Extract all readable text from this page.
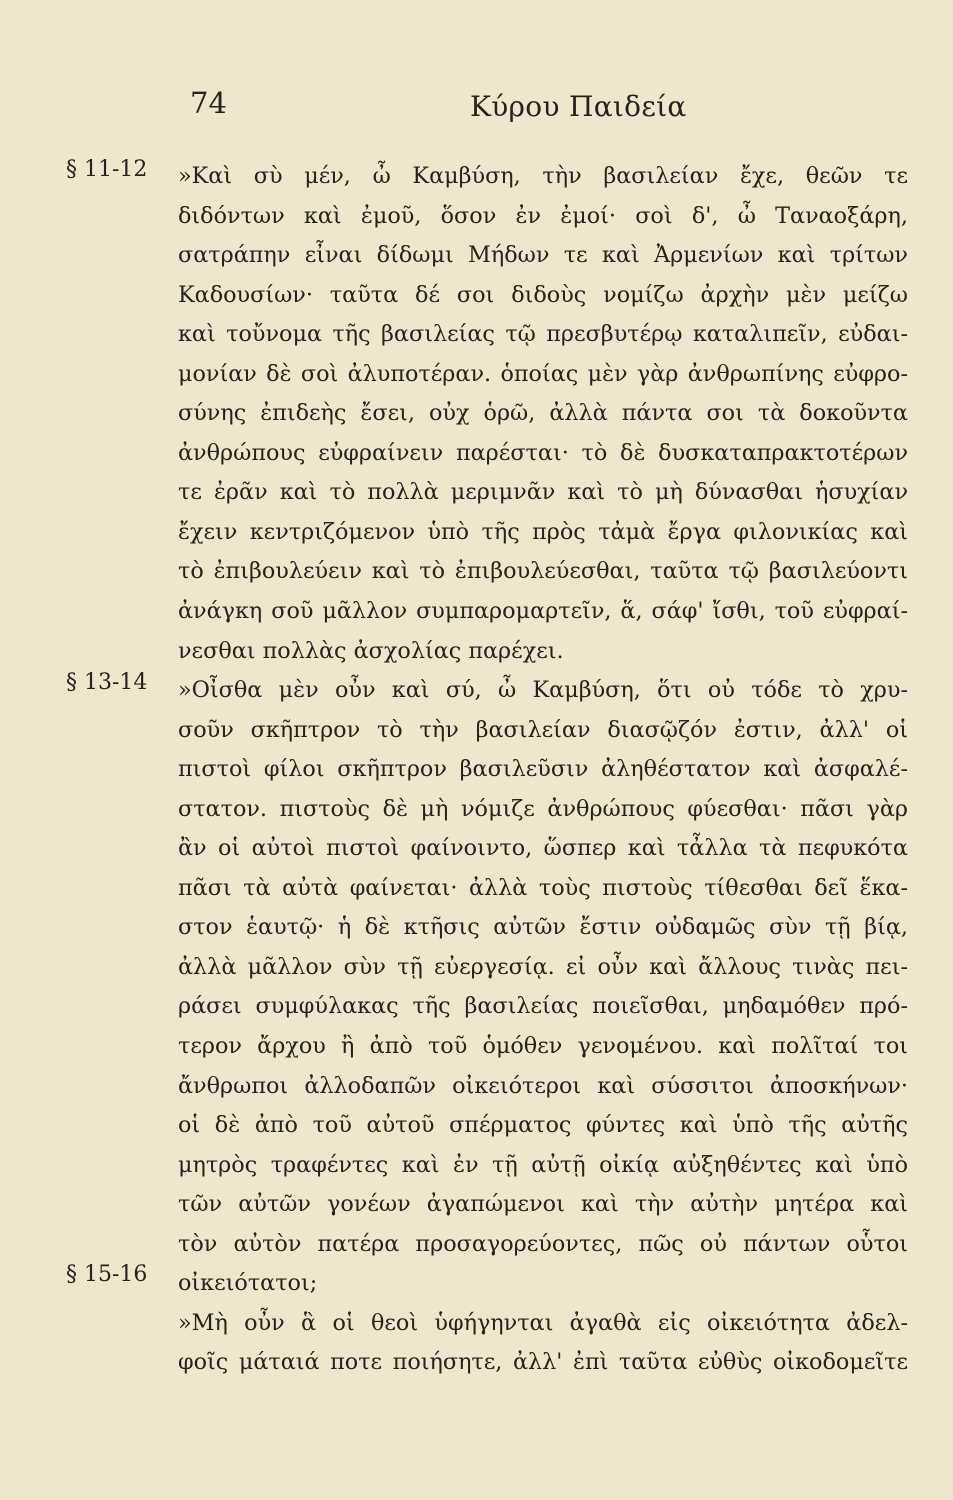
74	Κύρου Παιδεία
§ 11-12
§ 13-14
§ 15-16
»Καὶ σὺ μέν, ὦ Καμβύση, τὴν βασιλείαν ἔχε, θεῶν τε
διδόντων καὶ ἐμοῦ, ὅσον ἐν ἐμοί· σοὶ δ', ὦ Ταναοξάρη,
σατράπην εἶναι δίδωμι Μήδων τε καὶ Ἀρμενίων καὶ τρίτων
Καδουσίων· ταῦτα δέ σοι διδοὺς νομίζω ἀρχὴν μὲν μείζω
καὶ τοὔνομα τῆς βασιλείας τῷ πρεσβυτέρῳ καταλιπεῖν, εὐδαι-
μονίαν δὲ σοὶ ἀλυποτέραν. ὁποίας μὲν γὰρ ἀνθρωπίνης εὐφρο-
σύνης ἐπιδεὴς ἔσει, οὐχ ὁρῶ, ἀλλὰ πάντα σοι τὰ δοκοῦντα
ἀνθρώπους εὐφραίνειν παρέσται· τὸ δὲ δυσκαταπρακτοτέρων
τε ἐρᾶν καὶ τὸ πολλὰ μεριμνᾶν καὶ τὸ μὴ δύνασθαι ἡσυχίαν
ἔχειν κεντριζόμενον ὑπὸ τῆς πρὸς τἀμὰ ἔργα φιλονικίας καὶ
τὸ ἐπιβουλεύειν καὶ τὸ ἐπιβουλεύεσθαι, ταῦτα τῷ βασιλεύοντι
ἀνάγκη σοῦ μᾶλλον συμπαρομαρτεῖν, ἅ, σάφ' ἴσθι, τοῦ εὐφραί-
νεσθαι πολλὰς ἀσχολίας παρέχει.
»Οἶσθα μὲν οὖν καὶ σύ, ὦ Καμβύση, ὅτι οὐ τόδε τὸ χρυ-
σοῦν σκῆπτρον τὸ τὴν βασιλείαν διασῷζόν ἐστιν, ἀλλ' οἱ
πιστοὶ φίλοι σκῆπτρον βασιλεῦσιν ἀληθέστατον καὶ ἀσφαλέ-
στατον. πιστοὺς δὲ μὴ νόμιζε ἀνθρώπους φύεσθαι· πᾶσι γὰρ
ἂν οἱ αὐτοὶ πιστοὶ φαίνοιντο, ὥσπερ καὶ τἆλλα τὰ πεφυκότα
πᾶσι τὰ αὐτὰ φαίνεται· ἀλλὰ τοὺς πιστοὺς τίθεσθαι δεῖ ἕκα-
στον ἑαυτῷ· ἡ δὲ κτῆσις αὐτῶν ἔστιν οὐδαμῶς σὺν τῇ βίᾳ,
ἀλλὰ μᾶλλον σὺν τῇ εὐεργεσίᾳ. εἰ οὖν καὶ ἄλλους τινὰς πει-
ράσει συμφύλακας τῆς βασιλείας ποιεῖσθαι, μηδαμόθεν πρό-
τερον ἄρχου ἢ ἀπὸ τοῦ ὁμόθεν γενομένου. καὶ πολῖταί τοι
ἄνθρωποι ἀλλοδαπῶν οἰκειότεροι καὶ σύσσιτοι ἀποσκήνων·
οἱ δὲ ἀπὸ τοῦ αὐτοῦ σπέρματος φύντες καὶ ὑπὸ τῆς αὐτῆς
μητρὸς τραφέντες καὶ ἐν τῇ αὐτῇ οἰκίᾳ αὐξηθέντες καὶ ὑπὸ
τῶν αὐτῶν γονέων ἀγαπώμενοι καὶ τὴν αὐτὴν μητέρα καὶ
τὸν αὐτὸν πατέρα προσαγορεύοντες, πῶς οὐ πάντων οὗτοι
οἰκειότατοι;
»Μὴ οὖν ἃ οἱ θεοὶ ὑφήγηνται ἀγαθὰ εἰς οἰκειότητα ἀδελ-
φοῖς μάταιά ποτε ποιήσητε, ἀλλ' ἐπὶ ταῦτα εὐθὺς οἰκοδομεῖτε
